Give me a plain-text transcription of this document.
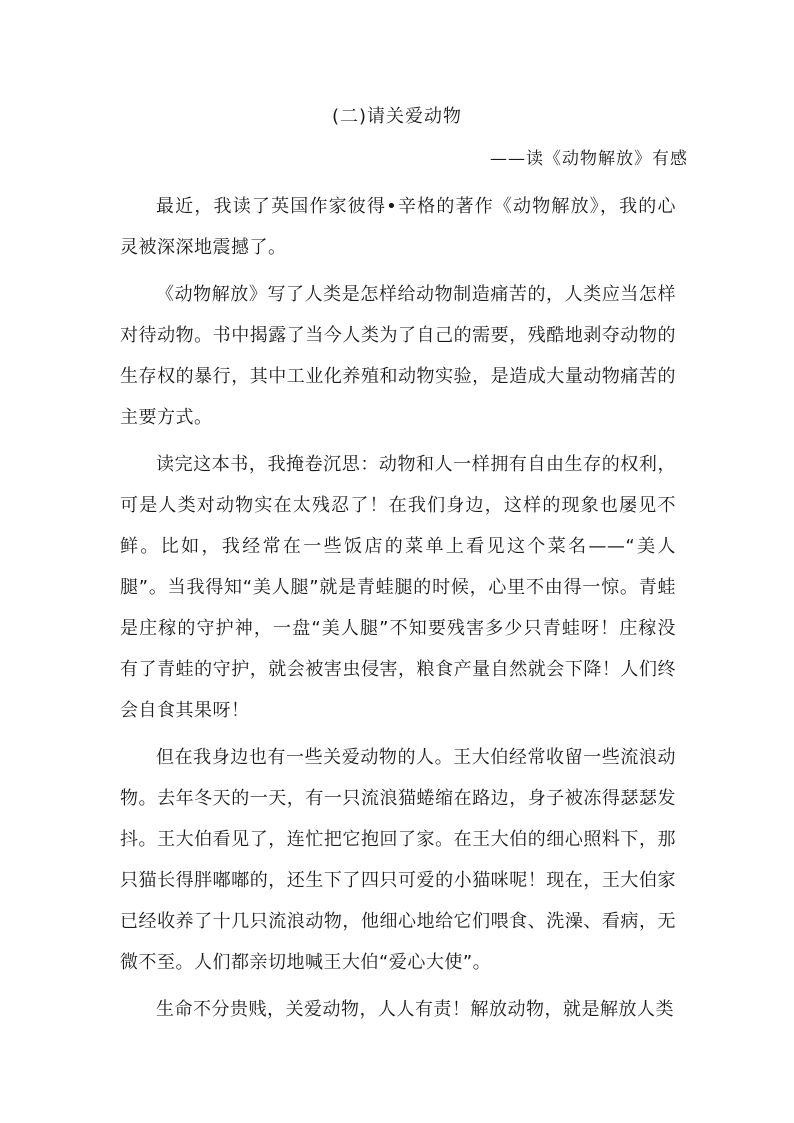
(二)请关爱动物
——读《动物解放》有感

最近，我读了英国作家彼得•辛格的著作《动物解放》，我的心灵被深深地震撼了。

《动物解放》写了人类是怎样给动物制造痛苦的，人类应当怎样对待动物。书中揭露了当今人类为了自己的需要，残酷地剥夺动物的生存权的暴行，其中工业化养殖和动物实验，是造成大量动物痛苦的主要方式。

读完这本书，我掩卷沉思：动物和人一样拥有自由生存的权利，可是人类对动物实在太残忍了！在我们身边，这样的现象也屡见不鲜。比如，我经常在一些饭店的菜单上看见这个菜名——“美人腿”。当我得知“美人腿”就是青蛙腿的时候，心里不由得一惊。青蛙是庄稼的守护神，一盘“美人腿”不知要残害多少只青蛙呀！庄稼没有了青蛙的守护，就会被害虫侵害，粮食产量自然就会下降！人们终会自食其果呀！

但在我身边也有一些关爱动物的人。王大伯经常收留一些流浪动物。去年冬天的一天，有一只流浪猫蜷缩在路边，身子被冻得瑟瑟发抖。王大伯看见了，连忙把它抱回了家。在王大伯的细心照料下，那只猫长得胖嘟嘟的，还生下了四只可爱的小猫咪呢！现在，王大伯家已经收养了十几只流浪动物，他细心地给它们喂食、洗澡、看病，无微不至。人们都亲切地喊王大伯“爱心大使”。

生命不分贵贱，关爱动物，人人有责！解放动物，就是解放人类
